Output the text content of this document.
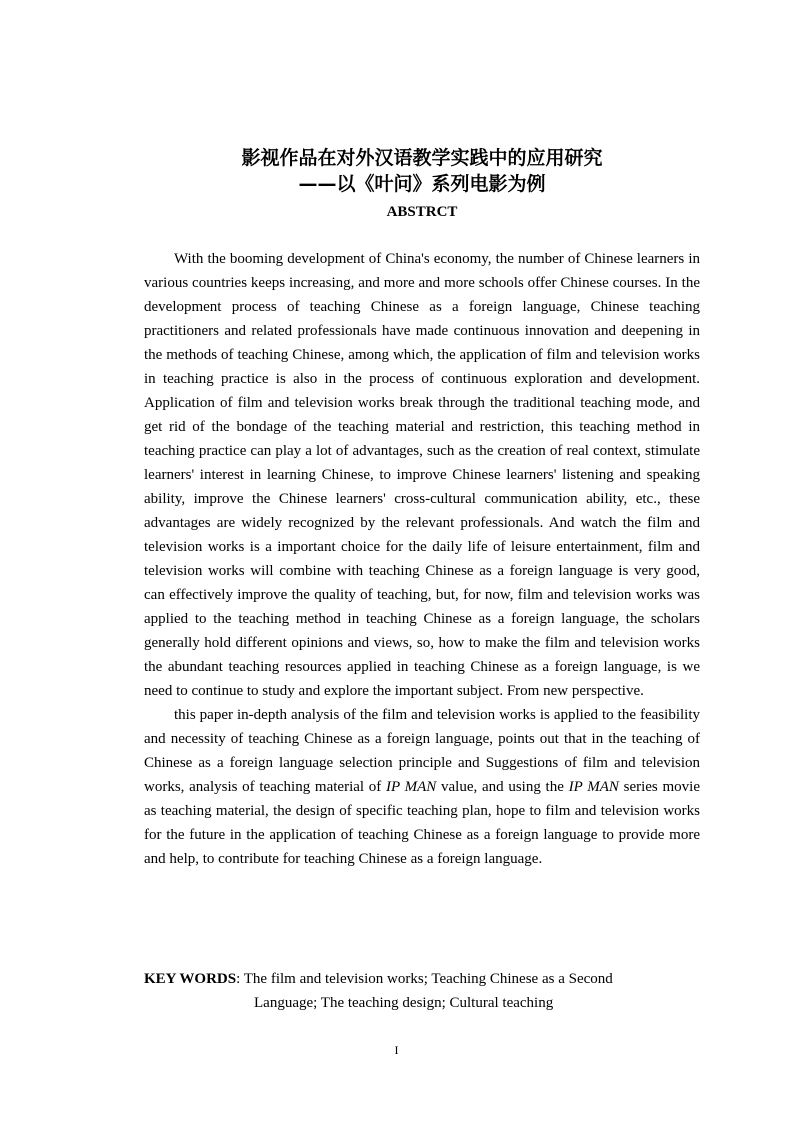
影视作品在对外汉语教学实践中的应用研究
——以《叶问》系列电影为例
ABSTRCT

With the booming development of China's economy, the number of Chinese learners in various countries keeps increasing, and more and more schools offer Chinese courses. In the development process of teaching Chinese as a foreign language, Chinese teaching practitioners and related professionals have made continuous innovation and deepening in the methods of teaching Chinese, among which, the application of film and television works in teaching practice is also in the process of continuous exploration and development. Application of film and television works break through the traditional teaching mode, and get rid of the bondage of the teaching material and restriction, this teaching method in teaching practice can play a lot of advantages, such as the creation of real context, stimulate learners' interest in learning Chinese, to improve Chinese learners' listening and speaking ability, improve the Chinese learners' cross-cultural communication ability, etc., these advantages are widely recognized by the relevant professionals. And watch the film and television works is a important choice for the daily life of leisure entertainment, film and television works will combine with teaching Chinese as a foreign language is very good, can effectively improve the quality of teaching, but, for now, film and television works was applied to the teaching method in teaching Chinese as a foreign language, the scholars generally hold different opinions and views, so, how to make the film and television works the abundant teaching resources applied in teaching Chinese as a foreign language, is we need to continue to study and explore the important subject. From new perspective.

this paper in-depth analysis of the film and television works is applied to the feasibility and necessity of teaching Chinese as a foreign language, points out that in the teaching of Chinese as a foreign language selection principle and Suggestions of film and television works, analysis of teaching material of IP MAN value, and using the IP MAN series movie as teaching material, the design of specific teaching plan, hope to film and television works for the future in the application of teaching Chinese as a foreign language to provide more and help, to contribute for teaching Chinese as a foreign language.

KEY WORDS: The film and television works; Teaching Chinese as a Second
Language; The teaching design; Cultural teaching
I
